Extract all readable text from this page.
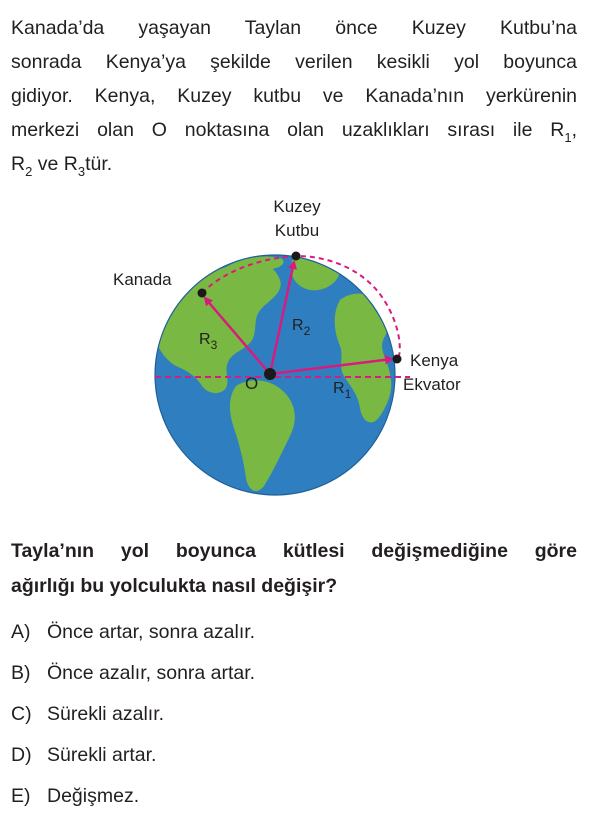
Kanada’da yaşayan Taylan önce Kuzey Kutbu’na
sonrada Kenya’ya şekilde verilen kesikli yol boyunca
gidiyor. Kenya, Kuzey kutbu ve Kanada’nın yerkürenin
merkezi olan O noktasına olan uzaklıkları sırası ile $R_1$,
$R_2$ ve $R_3tür$.
Kuzey
Kutbu
Kanada
Kenya
Ekvator
O
$R_3$
$R_2$
$R_1$
Tayla’nın yol boyunca kütlesi değişmediğine göre
ağırlığı bu yolculukta nasıl değişir?
A) Önce artar, sonra azalır.
B) Önce azalır, sonra artar.
C) Sürekli azalır.
D) Sürekli artar.
E) Değişmez.
